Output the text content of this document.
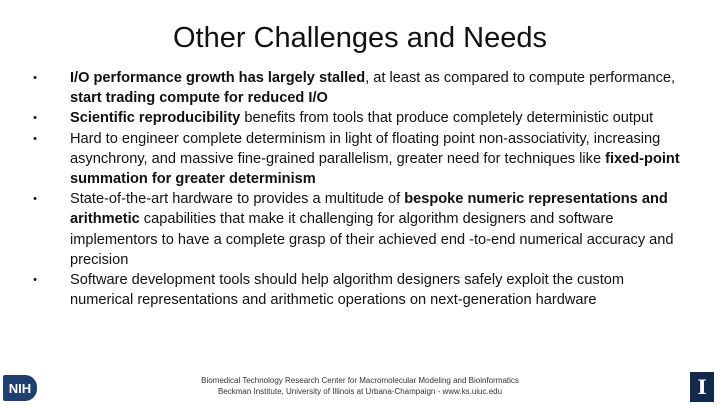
Other Challenges and Needs
• I/O performance growth has largely stalled, at least as compared to compute performance, start trading compute for reduced I/O
• Scientific reproducibility benefits from tools that produce completely deterministic output
• Hard to engineer complete determinism in light of floating point non-associativity, increasing asynchrony, and massive fine-grained parallelism, greater need for techniques like fixed-point summation for greater determinism
• State-of-the-art hardware to provides a multitude of bespoke numeric representations and arithmetic capabilities that make it challenging for algorithm designers and software implementors to have a complete grasp of their achieved end -to-end numerical accuracy and precision
• Software development tools should help algorithm designers safely exploit the custom numerical representations and arithmetic operations on next-generation hardware
Biomedical Technology Research Center for Macromolecular Modeling and Bioinformatics
Beckman Institute, University of Illinois at Urbana-Champaign - www.ks.uiuc.edu
NIH	I
